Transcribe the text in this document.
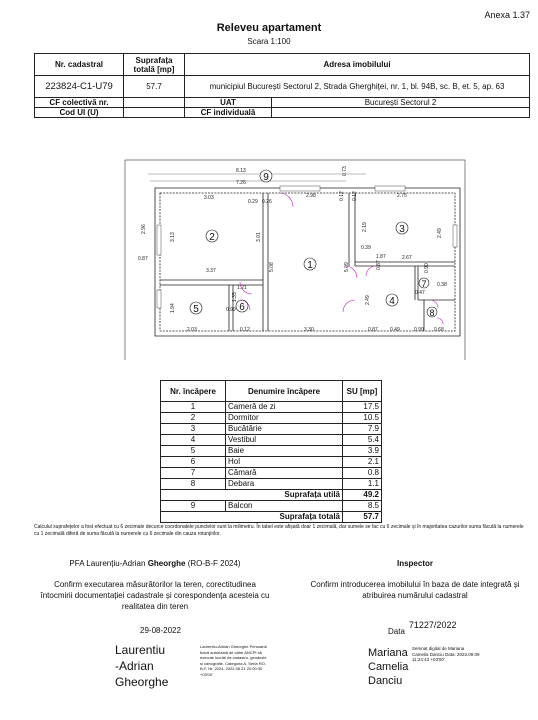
Anexa 1.37
Releveu apartament
Scara 1:100
Nr. cadastral	Suprafața totală [mp]	Adresa imobilului	
223824-C1-U79	57.7	municipiul București Sectorul 2, Strada Gherghiței, nr. 1, bl. 94B, sc. B, et. 5, ap. 63	
CF colectivă nr.		UAT	București Sectorul 2
Cod UI (U)		CF individuală	
1
2
3
4
5	6
7
8
9
8.13
7.26
3.03
0.29 0.26
2.98	0.12 0.12	2.75
0.73
2.19
2.49
3.13
2.96
0.87
3.01
5.08	5.09
0.39
3.37
1.87	2.67
0.87
1.21
1.35
0.90
0.47
0.38
1.94	0.99
2.49
2.03	0.12	3.30	0.87 0.49	0.90 0.68
Nr. încăpere	Denumire încăpere	SU [mp]
1	Cameră de zi	17.5
2	Dormitor	10.5
3	Bucătărie	7.9
4	Vestibul	5.4
5	Baie	3.9
6	Hol	2.1
7	Cămară	0.8
8	Debara	1.1
Suprafața utilă		49.2
9	Balcon	8.5
Suprafața totală		57.7
Calculul suprafețelor a fost efectuat cu 6 zecimale decurce coordonatele punctelor sunt la milimetru. În tabel este afișată doar 1 zecimală, dar sumele se fac cu 6 zecimale și în majoritatea cazurilor suma făcută la numerele cu 1 zecimală diferă de suma făcută la numerele cu 6 zecimale din cauza rotunjirilor.
PFA Laurențiu-Adrian Gheorghe (RO-B-F 2024)
Confirm executarea măsurătorilor la teren, corectitudinea întocmirii documentației cadastrale și corespondența acesteia cu realitatea din teren
29-08-2022
Laurentiu
-Adrian
Gheorghe
Laurentiu-Adrian Gheorghe Persoană fizică autorizată de către ANCPI să execute lucrări de cadastru, geodezie și cartografie. Categoria A, Seria RO-B-F, Nr. 2024. 2022.08.31 20:00:30 +03'00'
Inspector
Confirm introducerea imobilului în baza de date integrată și atribuirea numărului cadastral
Data71227/2022
Mariana
Camelia
Danciu
Semnat digital de Mariana Camelia Danciu Data: 2022.09.09 11:24:43 +03'00'
